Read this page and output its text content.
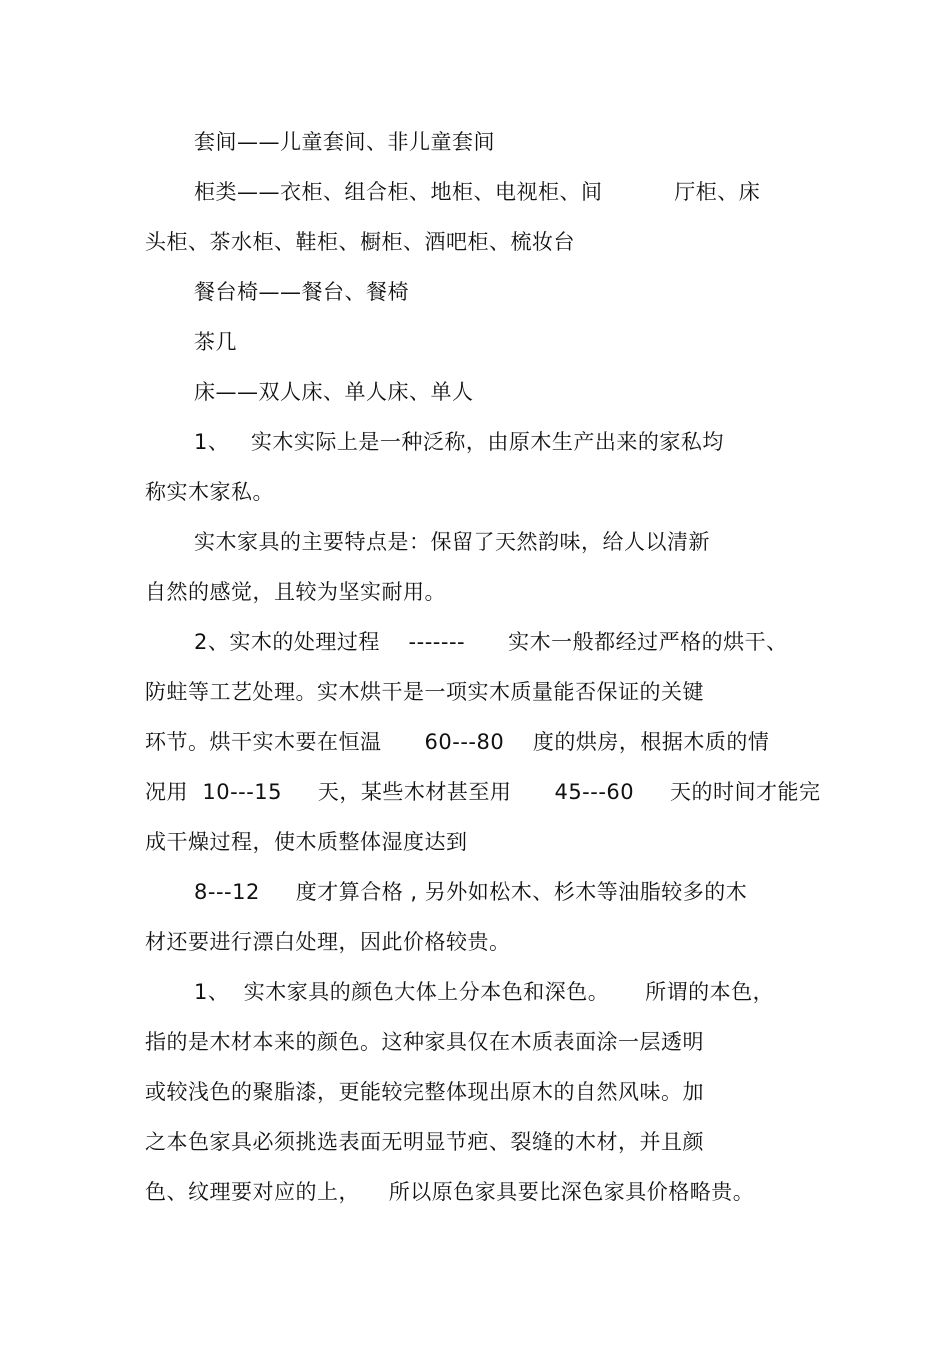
套间——儿童套间、非儿童套间
柜类——衣柜、组合柜、地柜、电视柜、间          厅柜、床
头柜、茶水柜、鞋柜、橱柜、酒吧柜、梳妆台
餐台椅——餐台、餐椅
茶几
床——双人床、单人床、单人
1、   实木实际上是一种泛称，由原木生产出来的家私均
称实木家私。
实木家具的主要特点是：保留了天然韵味，给人以清新
自然的感觉，且较为坚实耐用。
2、实木的处理过程    -------      实木一般都经过严格的烘干、
防蛀等工艺处理。实木烘干是一项实木质量能否保证的关键
环节。烘干实木要在恒温      60---80    度的烘房，根据木质的情
况用  10---15     天，某些木材甚至用      45---60     天的时间才能完
成干燥过程，使木质整体湿度达到
8---12     度才算合格 , 另外如松木、杉木等油脂较多的木
材还要进行漂白处理，因此价格较贵。
1、  实木家具的颜色大体上分本色和深色。     所谓的本色，
指的是木材本来的颜色。这种家具仅在木质表面涂一层透明
或较浅色的聚脂漆，更能较完整体现出原木的自然风味。加
之本色家具必须挑选表面无明显节疤、裂缝的木材，并且颜
色、纹理要对应的上，    所以原色家具要比深色家具价格略贵。
